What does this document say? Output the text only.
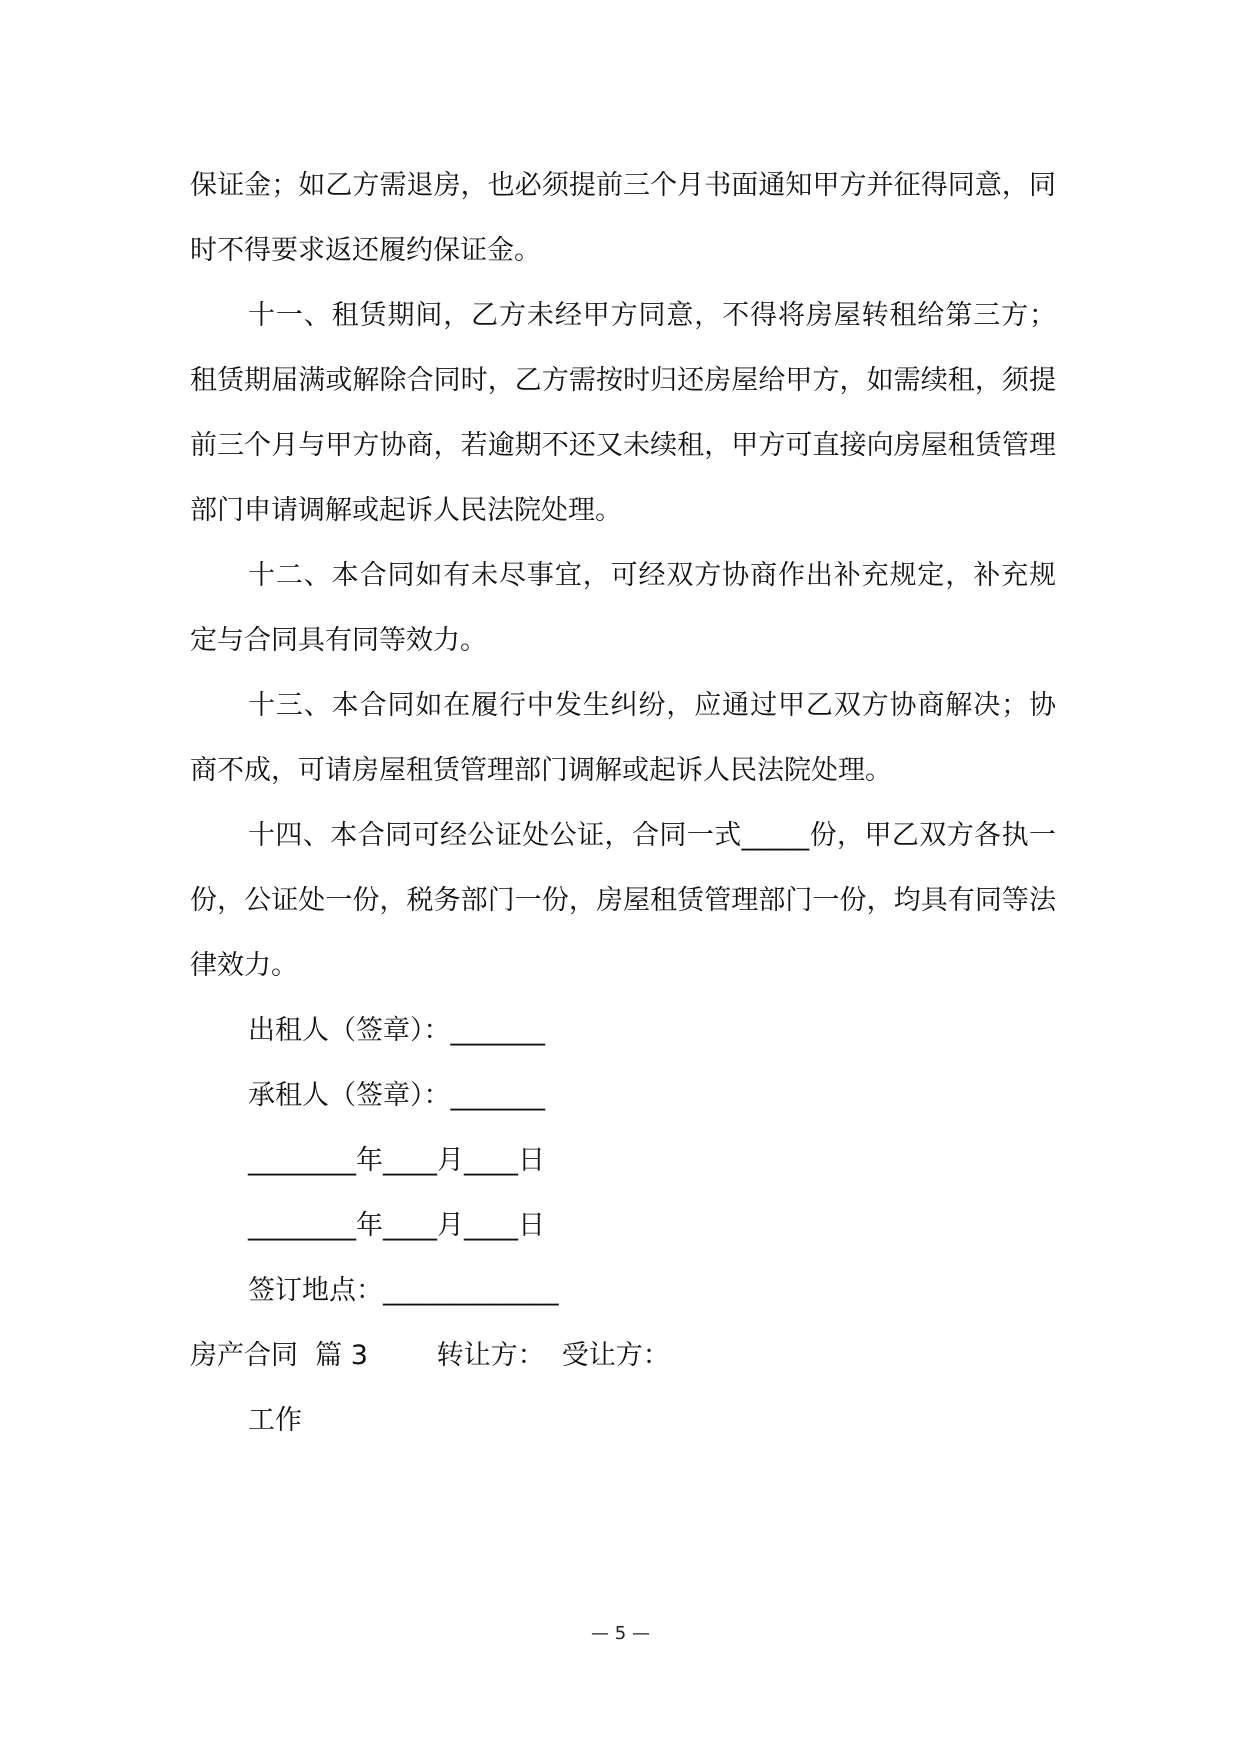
保证金；如乙方需退房，也必须提前三个月书面通知甲方并征得同意，同时不得要求返还履约保证金。

十一、租赁期间，乙方未经甲方同意，不得将房屋转租给第三方；租赁期届满或解除合同时，乙方需按时归还房屋给甲方，如需续租，须提前三个月与甲方协商，若逾期不还又未续租，甲方可直接向房屋租赁管理部门申请调解或起诉人民法院处理。

十二、本合同如有未尽事宜，可经双方协商作出补充规定，补充规定与合同具有同等效力。

十三、本合同如在履行中发生纠纷，应通过甲乙双方协商解决；协商不成，可请房屋租赁管理部门调解或起诉人民法院处理。

十四、本合同可经公证处公证，合同一式_____份，甲乙双方各执一份，公证处一份，税务部门一份，房屋租赁管理部门一份，均具有同等法律效力。

出租人（签章）：_______

承租人（签章）：_______

________年____月____日

________年____月____日

签订地点：_____________

房产合同  篇 3        转让方：  受让方：

工作

— 5 —
